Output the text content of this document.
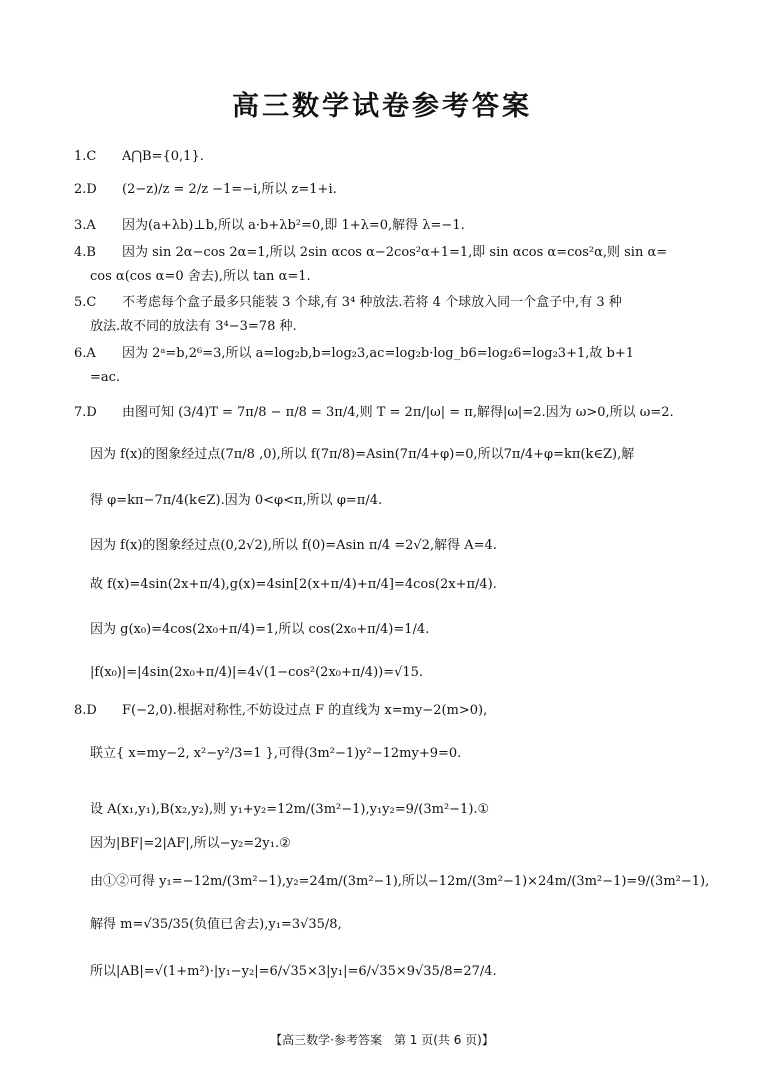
高三数学试卷参考答案
1.C A⋂B={0,1}.
2.D (2−z)/z = 2/z −1=−i,所以 z=1+i.
3.A 因为(a+λb)⊥b,所以 a·b+λb²=0,即 1+λ=0,解得 λ=−1.
4.B 因为 sin 2α−cos 2α=1,所以 2sin αcos α−2cos²α+1=1,即 sin αcos α=cos²α,则 sin α=
cos α(cos α=0 舍去),所以 tan α=1.
5.C 不考虑每个盒子最多只能装 3 个球,有 3⁴ 种放法.若将 4 个球放入同一个盒子中,有 3 种
放法.故不同的放法有 3⁴−3=78 种.
6.A 因为 2ᵃ=b,2⁶=3,所以 a=log₂b,b=log₂3,ac=log₂b·log_b6=log₂6=log₂3+1,故 b+1
=ac.
7.D 由图可知 (3/4)T = 7π/8 − π/8 = 3π/4,则 T = 2π/|ω| = π,解得|ω|=2.因为 ω>0,所以 ω=2.
因为 f(x)的图象经过点(7π/8 ,0),所以 f(7π/8)=Asin(7π/4+φ)=0,所以7π/4+φ=kπ(k∈Z),解
得 φ=kπ−7π/4(k∈Z).因为 0<φ<π,所以 φ=π/4.
因为 f(x)的图象经过点(0,2√2),所以 f(0)=Asin π/4 =2√2,解得 A=4.
故 f(x)=4sin(2x+π/4),g(x)=4sin[2(x+π/4)+π/4]=4cos(2x+π/4).
因为 g(x₀)=4cos(2x₀+π/4)=1,所以 cos(2x₀+π/4)=1/4.
|f(x₀)|=|4sin(2x₀+π/4)|=4√(1−cos²(2x₀+π/4))=√15.
8.D F(−2,0).根据对称性,不妨设过点 F 的直线为 x=my−2(m>0),
联立{ x=my−2, x²−y²/3=1 },可得(3m²−1)y²−12my+9=0.
设 A(x₁,y₁),B(x₂,y₂),则 y₁+y₂=12m/(3m²−1),y₁y₂=9/(3m²−1).①
因为|BF|=2|AF|,所以−y₂=2y₁.②
由①②可得 y₁=−12m/(3m²−1),y₂=24m/(3m²−1),所以−12m/(3m²−1)×24m/(3m²−1)=9/(3m²−1),
解得 m=√35/35(负值已舍去),y₁=3√35/8,
所以|AB|=√(1+m²)·|y₁−y₂|=6/√35×3|y₁|=6/√35×9√35/8=27/4.
【高三数学·参考答案　第 1 页(共 6 页)】
